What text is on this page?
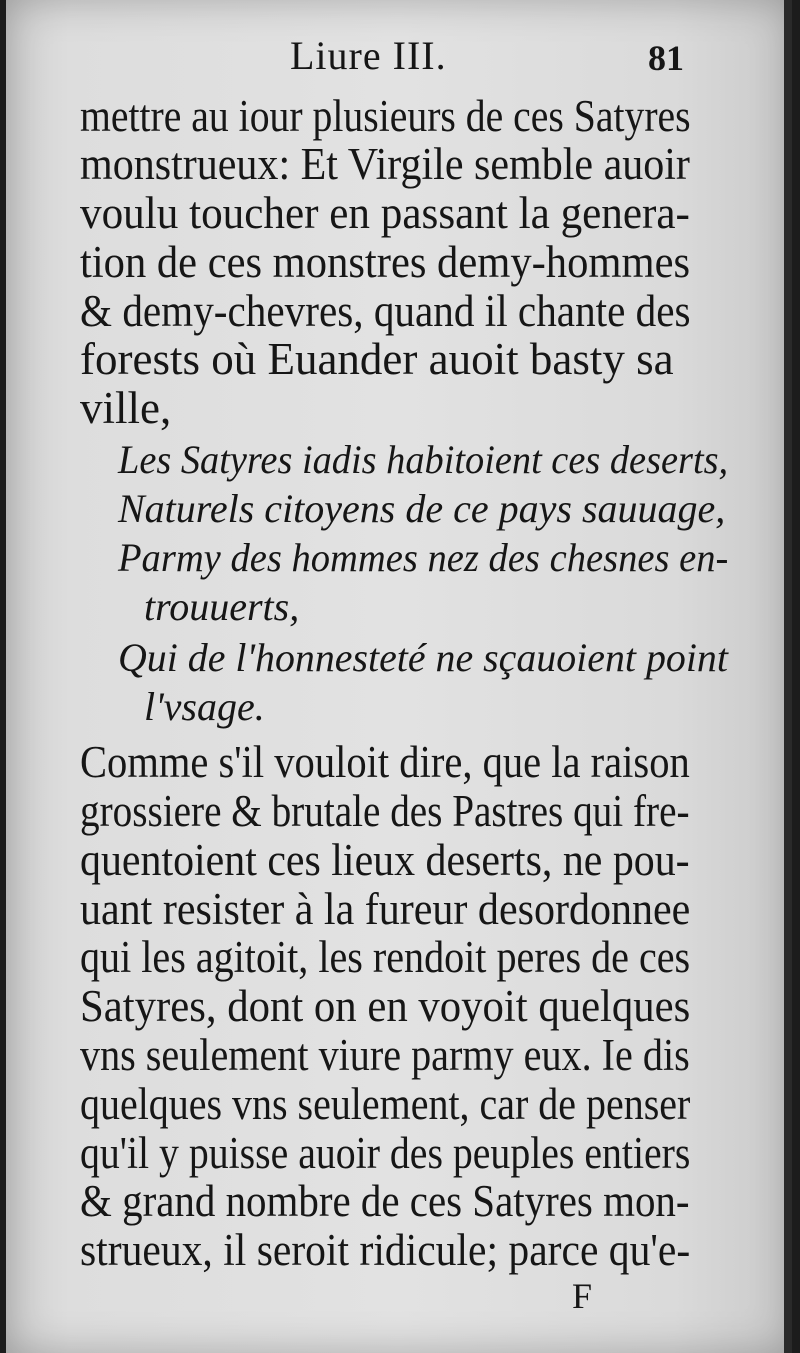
Liure III.	81
mettre au iour plusieurs de ces Satyres
monstrueux: Et Virgile semble auoir
voulu toucher en passant la genera-
tion de ces monstres demy-hommes
& demy-chevres, quand il chante des
forests où Euander auoit basty sa
ville,
Les Satyres iadis habitoient ces deserts,
Naturels citoyens de ce pays sauuage,
Parmy des hommes nez des chesnes en-
trouuerts,
Qui de l'honnesteté ne sçauoient point
l'vsage.
Comme s'il vouloit dire, que la raison
grossiere & brutale des Pastres qui fre-
quentoient ces lieux deserts, ne pou-
uant resister à la fureur desordonnee
qui les agitoit, les rendoit peres de ces
Satyres, dont on en voyoit quelques
vns seulement viure parmy eux. Ie dis
quelques vns seulement, car de penser
qu'il y puisse auoir des peuples entiers
& grand nombre de ces Satyres mon-
strueux, il seroit ridicule; parce qu'e-
F
